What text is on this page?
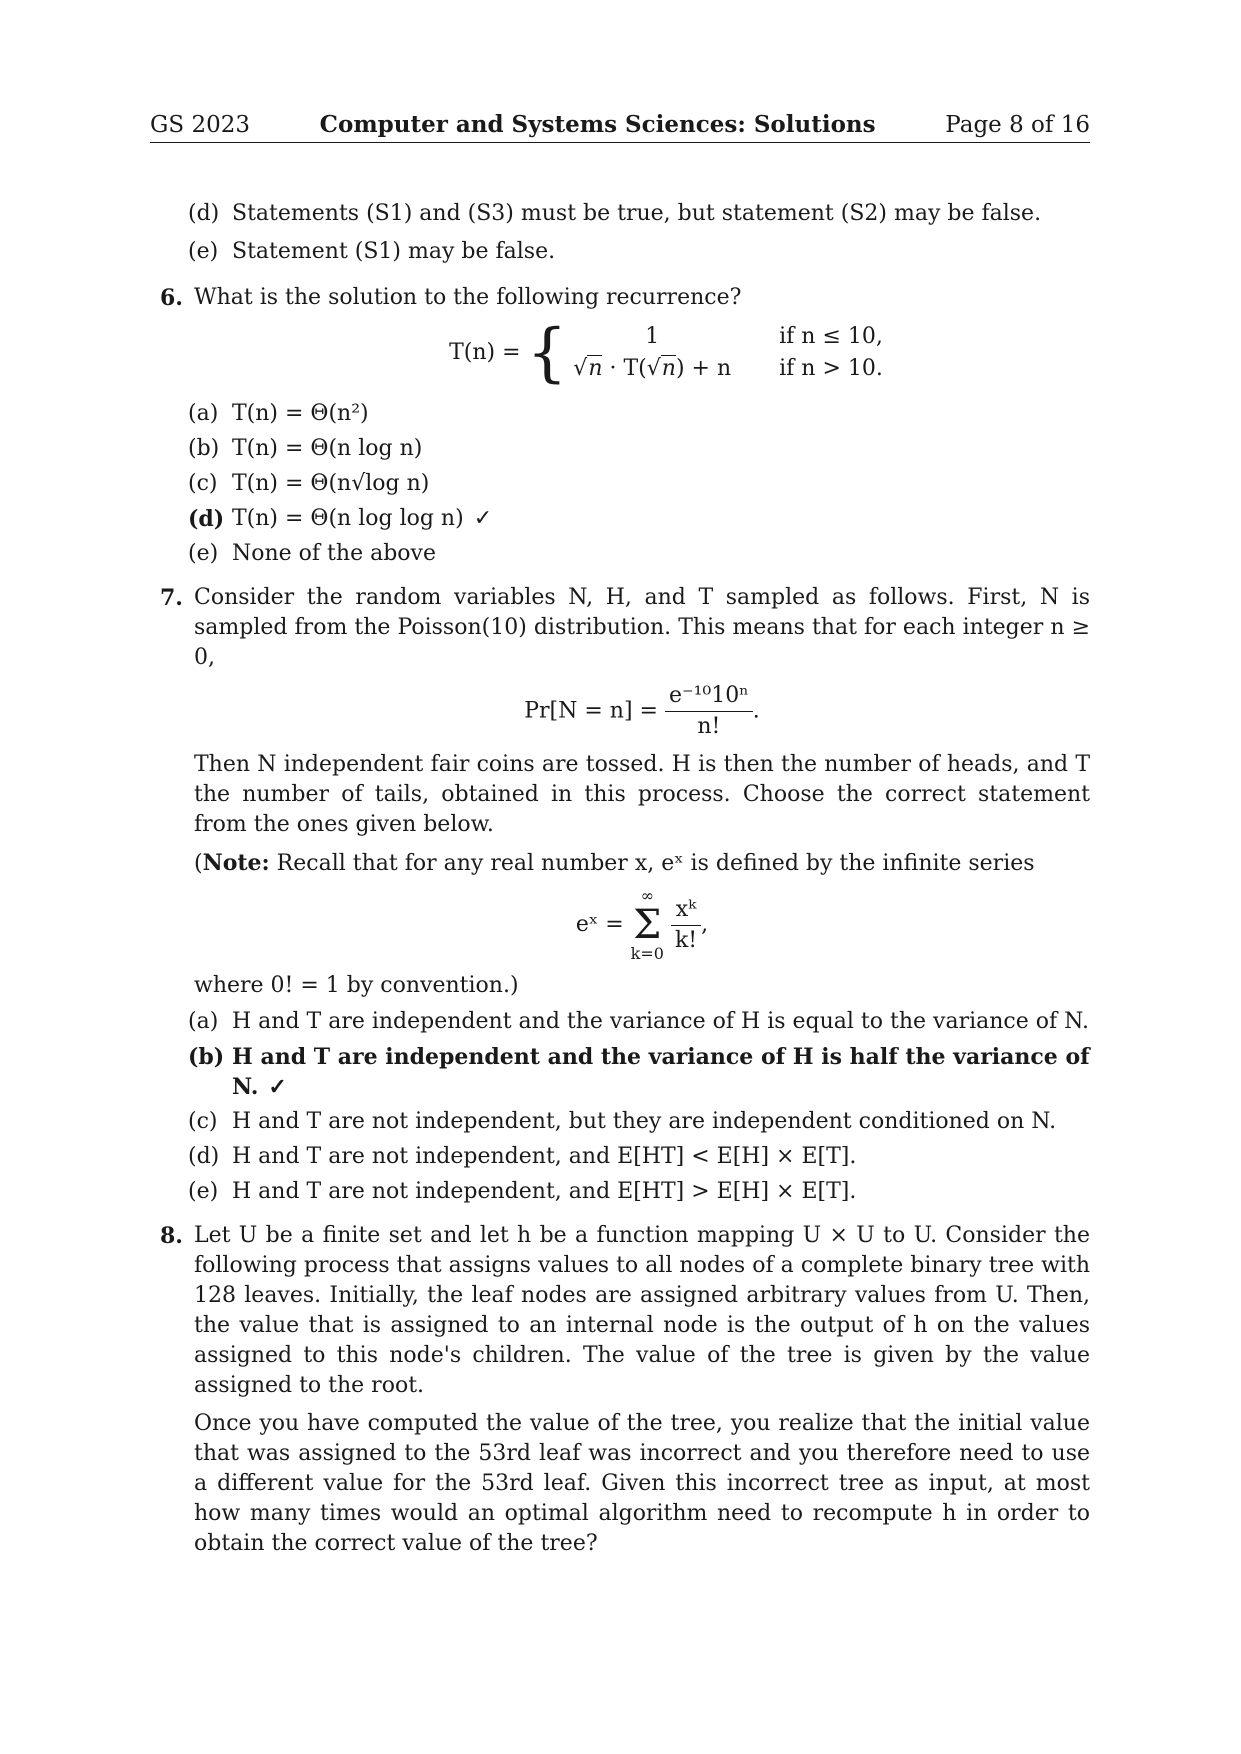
GS 2023	Computer and Systems Sciences: Solutions	Page 8 of 16
(d) Statements (S1) and (S3) must be true, but statement (S2) may be false.
(e) Statement (S1) may be false.
6. What is the solution to the following recurrence?
T(n) = {	1	if n ≤ 10,
√n · T(√n) + n	if n > 10.
(a) T(n) = Θ(n²)
(b) T(n) = Θ(n log n)
(c) T(n) = Θ(n√log n)
(d) T(n) = Θ(n log log n) ✓
(e) None of the above
7. Consider the random variables N, H, and T sampled as follows. First, N is sampled from the Poisson(10) distribution. This means that for each integer n ≥ 0,
$Pr[N = n] = \frac{\text{e⁻¹⁰10ⁿ}}{n!}$ .
Then N independent fair coins are tossed. H is then the number of heads, and T the number of tails, obtained in this process. Choose the correct statement from the ones given below.
(Note: Recall that for any real number x, eˣ is defined by the infinite series
eˣ = ∞
Σ
$k=0 \frac{\text{xᵏ}}{k!}$ ,
where 0! = 1 by convention.)
(a) H and T are independent and the variance of H is equal to the variance of N.
(b) H and T are independent and the variance of H is half the variance of N. ✓
(c) H and T are not independent, but they are independent conditioned on N.
(d) H and T are not independent, and E[HT] < E[H] × E[T].
(e) H and T are not independent, and E[HT] > E[H] × E[T].
8. Let U be a finite set and let h be a function mapping U × U to U. Consider the following process that assigns values to all nodes of a complete binary tree with 128 leaves. Initially, the leaf nodes are assigned arbitrary values from U. Then, the value that is assigned to an internal node is the output of h on the values assigned to this node's children. The value of the tree is given by the value assigned to the root.
Once you have computed the value of the tree, you realize that the initial value that was assigned to the 53rd leaf was incorrect and you therefore need to use a different value for the 53rd leaf. Given this incorrect tree as input, at most how many times would an optimal algorithm need to recompute h in order to obtain the correct value of the tree?
